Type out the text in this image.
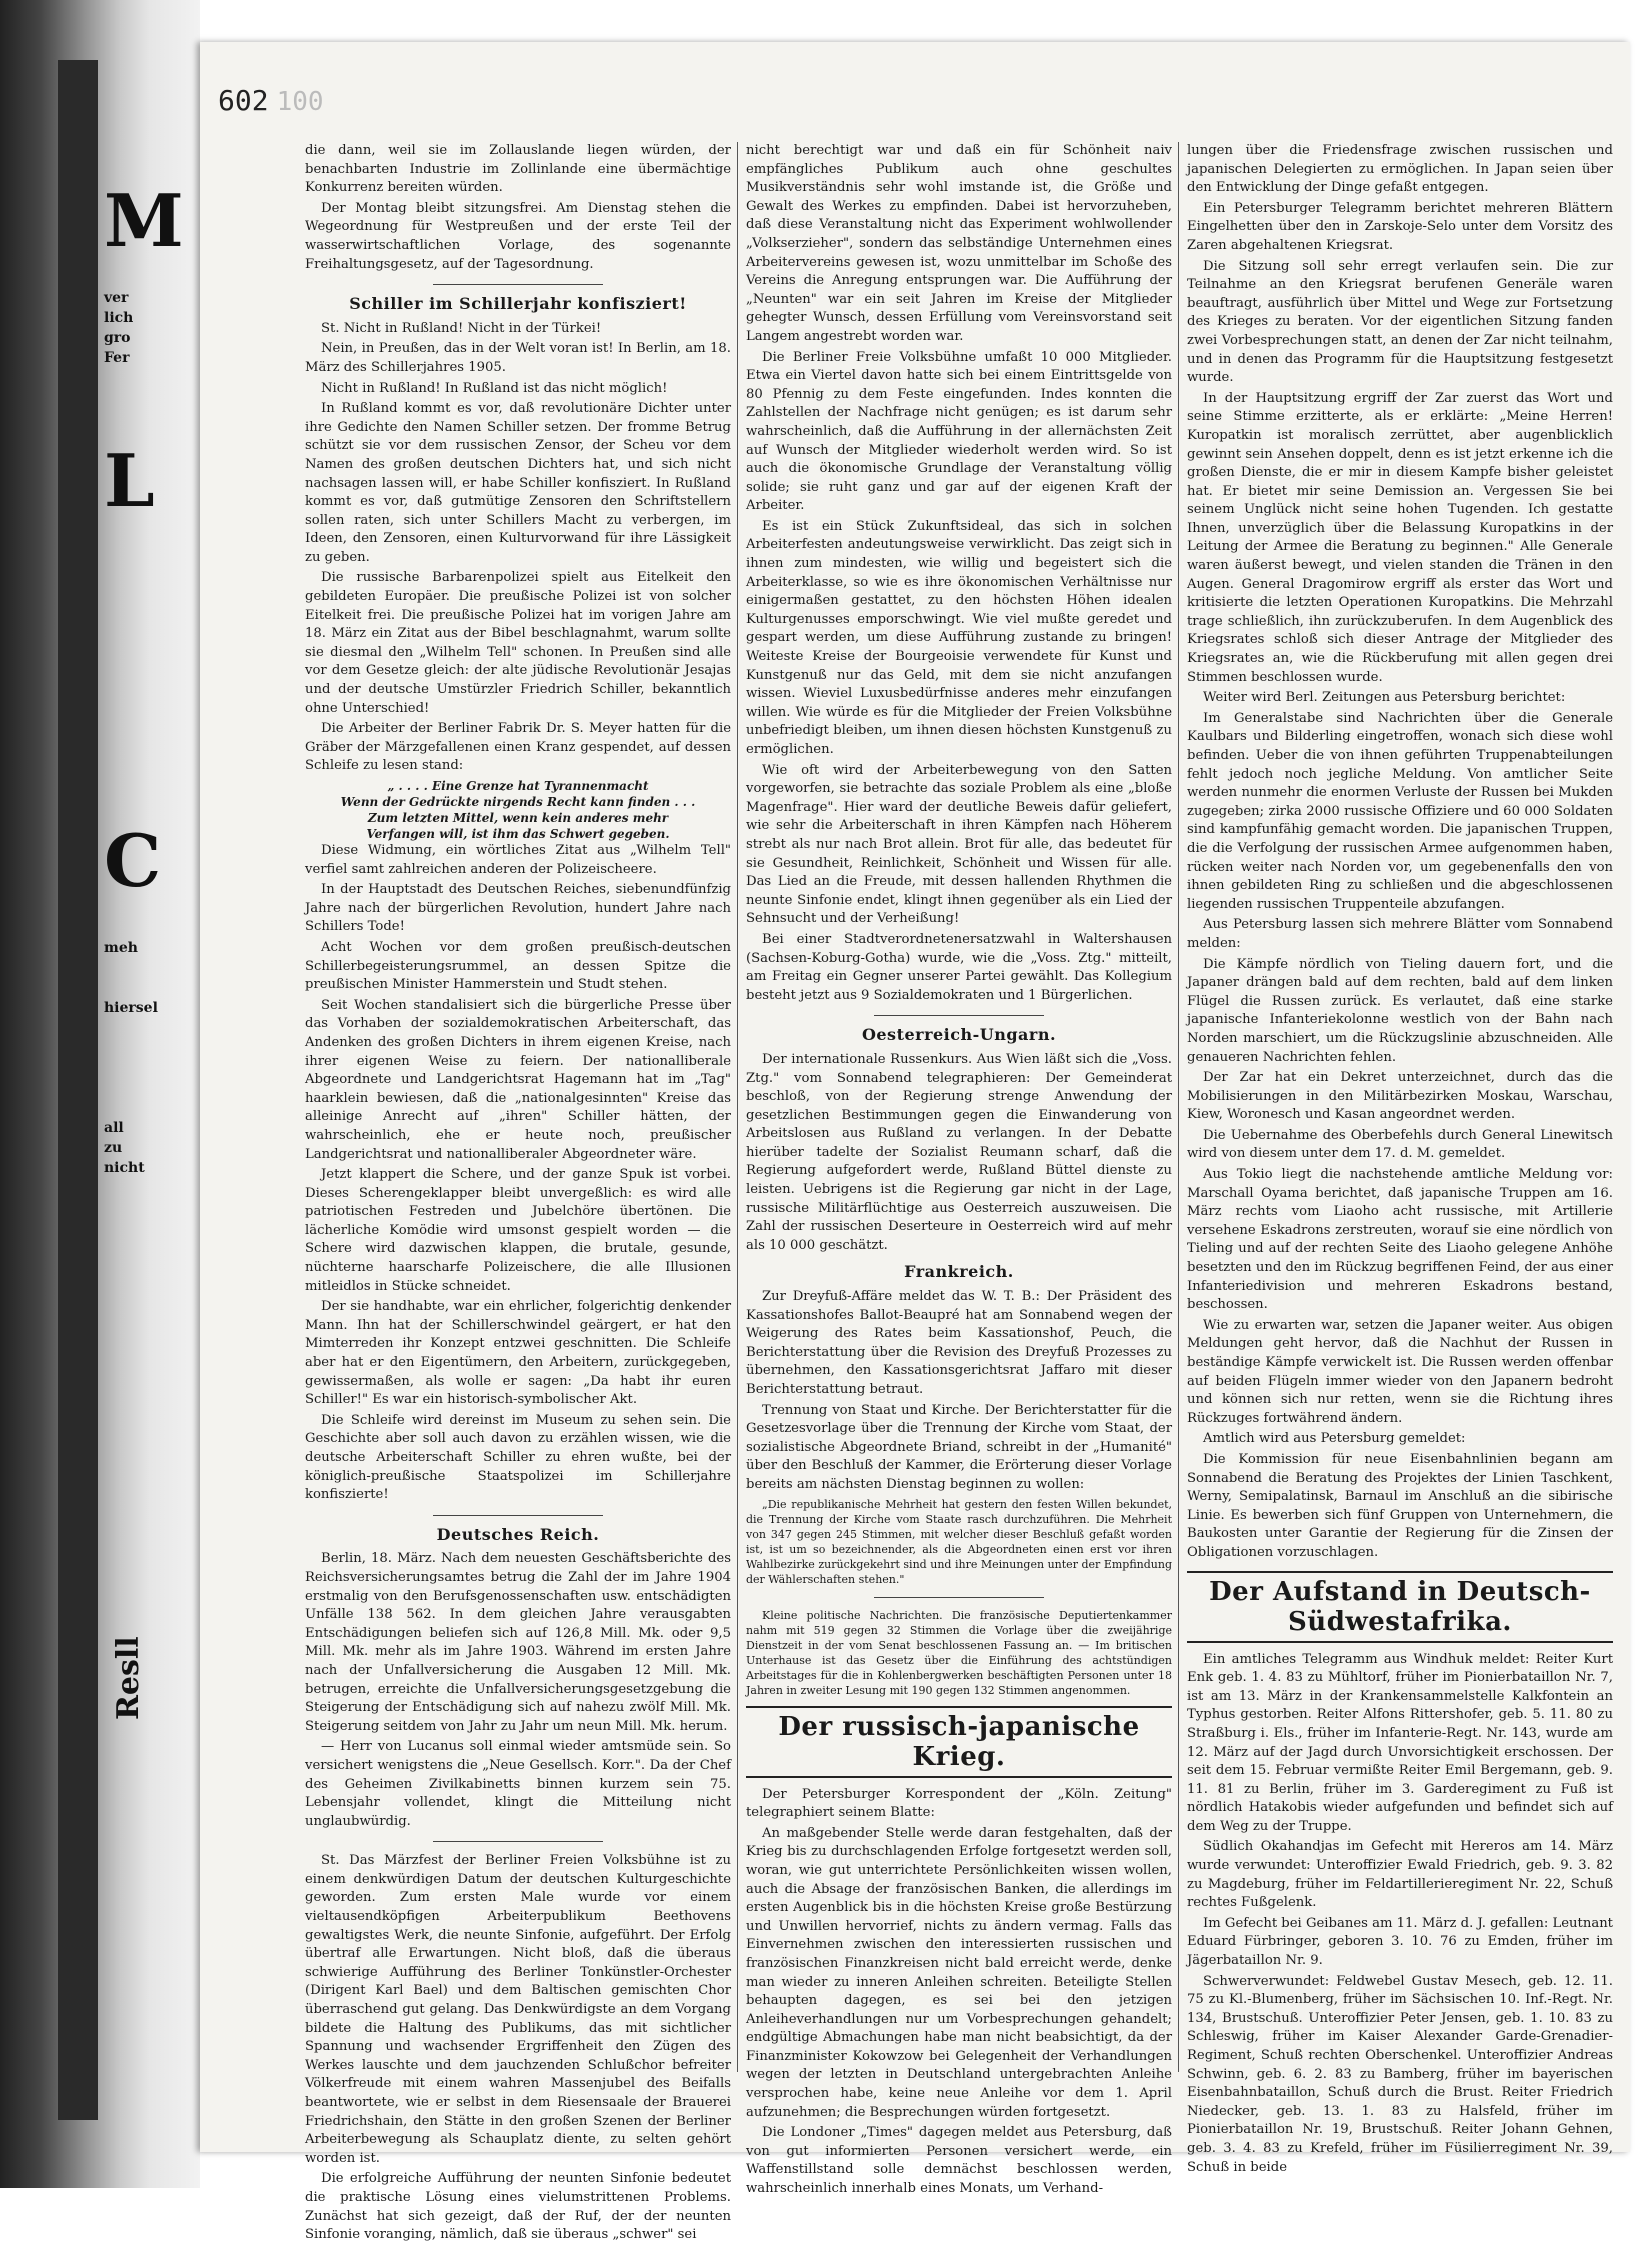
M
ver
lich
gro
Fer
L
C
meh
hiersel
all
zu
nicht
Resll
602 100

die dann, weil sie im Zollauslande liegen würden, der benachbarten Industrie im Zollinlande eine übermächtige Konkurrenz bereiten würden.

Der Montag bleibt sitzungsfrei. Am Dienstag stehen die Wegeordnung für Westpreußen und der erste Teil der wasserwirtschaftlichen Vorlage, des sogenannte Freihaltungsgesetz, auf der Tagesordnung.

Schiller im Schillerjahr konfisziert!

St. Nicht in Rußland! Nicht in der Türkei!

Nein, in Preußen, das in der Welt voran ist! In Berlin, am 18. März des Schillerjahres 1905.

Nicht in Rußland! In Rußland ist das nicht möglich!

In Rußland kommt es vor, daß revolutionäre Dichter unter ihre Gedichte den Namen Schiller setzen. Der fromme Betrug schützt sie vor dem russischen Zensor, der Scheu vor dem Namen des großen deutschen Dichters hat, und sich nicht nachsagen lassen will, er habe Schiller konfisziert. In Rußland kommt es vor, daß gutmütige Zensoren den Schriftstellern sollen raten, sich unter Schillers Macht zu verbergen, im Ideen, den Zensoren, einen Kulturvorwand für ihre Lässigkeit zu geben.

Die russische Barbarenpolizei spielt aus Eitelkeit den gebildeten Europäer. Die preußische Polizei ist von solcher Eitelkeit frei. Die preußische Polizei hat im vorigen Jahre am 18. März ein Zitat aus der Bibel beschlagnahmt, warum sollte sie diesmal den „Wilhelm Tell" schonen. In Preußen sind alle vor dem Gesetze gleich: der alte jüdische Revolutionär Jesajas und der deutsche Umstürzler Friedrich Schiller, bekanntlich ohne Unterschied!

Die Arbeiter der Berliner Fabrik Dr. S. Meyer hatten für die Gräber der Märzgefallenen einen Kranz gespendet, auf dessen Schleife zu lesen stand:

„ . . . . Eine Grenze hat Tyrannenmacht
Wenn der Gedrückte nirgends Recht kann finden . . .
Zum letzten Mittel, wenn kein anderes mehr
Verfangen will, ist ihm das Schwert gegeben.

Diese Widmung, ein wörtliches Zitat aus „Wilhelm Tell" verfiel samt zahlreichen anderen der Polizeischeere.

In der Hauptstadt des Deutschen Reiches, siebenundfünfzig Jahre nach der bürgerlichen Revolution, hundert Jahre nach Schillers Tode!

Acht Wochen vor dem großen preußisch-deutschen Schillerbegeisterungsrummel, an dessen Spitze die preußischen Minister Hammerstein und Studt stehen.

Seit Wochen standalisiert sich die bürgerliche Presse über das Vorhaben der sozialdemokratischen Arbeiterschaft, das Andenken des großen Dichters in ihrem eigenen Kreise, nach ihrer eigenen Weise zu feiern. Der nationalliberale Abgeordnete und Landgerichtsrat Hagemann hat im „Tag" haarklein bewiesen, daß die „nationalgesinnten" Kreise das alleinige Anrecht auf „ihren" Schiller hätten, der wahrscheinlich, ehe er heute noch, preußischer Landgerichtsrat und nationalliberaler Abgeordneter wäre.

Jetzt klappert die Schere, und der ganze Spuk ist vorbei. Dieses Scherengeklapper bleibt unvergeßlich: es wird alle patriotischen Festreden und Jubelchöre übertönen. Die lächerliche Komödie wird umsonst gespielt worden — die Schere wird dazwischen klappen, die brutale, gesunde, nüchterne haarscharfe Polizeischere, die alle Illusionen mitleidlos in Stücke schneidet.

Der sie handhabte, war ein ehrlicher, folgerichtig denkender Mann. Ihn hat der Schillerschwindel geärgert, er hat den Mimterreden ihr Konzept entzwei geschnitten. Die Schleife aber hat er den Eigentümern, den Arbeitern, zurückgegeben, gewissermaßen, als wolle er sagen: „Da habt ihr euren Schiller!" Es war ein historisch-symbolischer Akt.

Die Schleife wird dereinst im Museum zu sehen sein. Die Geschichte aber soll auch davon zu erzählen wissen, wie die deutsche Arbeiterschaft Schiller zu ehren wußte, bei der königlich-preußische Staatspolizei im Schillerjahre konfiszierte!

Deutsches Reich.

Berlin, 18. März. Nach dem neuesten Geschäftsberichte des Reichsversicherungsamtes betrug die Zahl der im Jahre 1904 erstmalig von den Berufsgenossenschaften usw. entschädigten Unfälle 138 562. In dem gleichen Jahre verausgabten Entschädigungen beliefen sich auf 126,8 Mill. Mk. oder 9,5 Mill. Mk. mehr als im Jahre 1903. Während im ersten Jahre nach der Unfallversicherung die Ausgaben 12 Mill. Mk. betrugen, erreichte die Unfallversicherungsgesetzgebung die Steigerung der Entschädigung sich auf nahezu zwölf Mill. Mk. Steigerung seitdem von Jahr zu Jahr um neun Mill. Mk. herum.

— Herr von Lucanus soll einmal wieder amtsmüde sein. So versichert wenigstens die „Neue Gesellsch. Korr.". Da der Chef des Geheimen Zivilkabinetts binnen kurzem sein 75. Lebensjahr vollendet, klingt die Mitteilung nicht unglaubwürdig.

St. Das Märzfest der Berliner Freien Volksbühne ist zu einem denkwürdigen Datum der deutschen Kulturgeschichte geworden. Zum ersten Male wurde vor einem vieltausendköpfigen Arbeiterpublikum Beethovens gewaltigstes Werk, die neunte Sinfonie, aufgeführt. Der Erfolg übertraf alle Erwartungen. Nicht bloß, daß die überaus schwierige Aufführung des Berliner Tonkünstler-Orchester (Dirigent Karl Bael) und dem Baltischen gemischten Chor überraschend gut gelang. Das Denkwürdigste an dem Vorgang bildete die Haltung des Publikums, das mit sichtlicher Spannung und wachsender Ergriffenheit den Zügen des Werkes lauschte und dem jauchzenden Schlußchor befreiter Völkerfreude mit einem wahren Massenjubel des Beifalls beantwortete, wie er selbst in dem Riesensaale der Brauerei Friedrichshain, den Stätte in den großen Szenen der Berliner Arbeiterbewegung als Schauplatz diente, zu selten gehört worden ist.

Die erfolgreiche Aufführung der neunten Sinfonie bedeutet die praktische Lösung eines vielumstrittenen Problems. Zunächst hat sich gezeigt, daß der Ruf, der der neunten Sinfonie voranging, nämlich, daß sie überaus „schwer" sei

nicht berechtigt war und daß ein für Schönheit naiv empfängliches Publikum auch ohne geschultes Musikverständnis sehr wohl imstande ist, die Größe und Gewalt des Werkes zu empfinden. Dabei ist hervorzuheben, daß diese Veranstaltung nicht das Experiment wohlwollender „Volkserzieher", sondern das selbständige Unternehmen eines Arbeitervereins gewesen ist, wozu unmittelbar im Schoße des Vereins die Anregung entsprungen war. Die Aufführung der „Neunten" war ein seit Jahren im Kreise der Mitglieder gehegter Wunsch, dessen Erfüllung vom Vereinsvorstand seit Langem angestrebt worden war.

Die Berliner Freie Volksbühne umfaßt 10 000 Mitglieder. Etwa ein Viertel davon hatte sich bei einem Eintrittsgelde von 80 Pfennig zu dem Feste eingefunden. Indes konnten die Zahlstellen der Nachfrage nicht genügen; es ist darum sehr wahrscheinlich, daß die Aufführung in der allernächsten Zeit auf Wunsch der Mitglieder wiederholt werden wird. So ist auch die ökonomische Grundlage der Veranstaltung völlig solide; sie ruht ganz und gar auf der eigenen Kraft der Arbeiter.

Es ist ein Stück Zukunftsideal, das sich in solchen Arbeiterfesten andeutungsweise verwirklicht. Das zeigt sich in ihnen zum mindesten, wie willig und begeistert sich die Arbeiterklasse, so wie es ihre ökonomischen Verhältnisse nur einigermaßen gestattet, zu den höchsten Höhen idealen Kulturgenusses emporschwingt. Wie viel mußte geredet und gespart werden, um diese Aufführung zustande zu bringen! Weiteste Kreise der Bourgeoisie verwendete für Kunst und Kunstgenuß nur das Geld, mit dem sie nicht anzufangen wissen. Wieviel Luxusbedürfnisse anderes mehr einzufangen willen. Wie würde es für die Mitglieder der Freien Volksbühne unbefriedigt bleiben, um ihnen diesen höchsten Kunstgenuß zu ermöglichen.

Wie oft wird der Arbeiterbewegung von den Satten vorgeworfen, sie betrachte das soziale Problem als eine „bloße Magenfrage". Hier ward der deutliche Beweis dafür geliefert, wie sehr die Arbeiterschaft in ihren Kämpfen nach Höherem strebt als nur nach Brot allein. Brot für alle, das bedeutet für sie Gesundheit, Reinlichkeit, Schönheit und Wissen für alle. Das Lied an die Freude, mit dessen hallenden Rhythmen die neunte Sinfonie endet, klingt ihnen gegenüber als ein Lied der Sehnsucht und der Verheißung!

Bei einer Stadtverordnetenersatzwahl in Waltershausen (Sachsen-Koburg-Gotha) wurde, wie die „Voss. Ztg." mitteilt, am Freitag ein Gegner unserer Partei gewählt. Das Kollegium besteht jetzt aus 9 Sozialdemokraten und 1 Bürgerlichen.

Oesterreich-Ungarn.

Der internationale Russenkurs. Aus Wien läßt sich die „Voss. Ztg." vom Sonnabend telegraphieren: Der Gemeinderat beschloß, von der Regierung strenge Anwendung der gesetzlichen Bestimmungen gegen die Einwanderung von Arbeitslosen aus Rußland zu verlangen. In der Debatte hierüber tadelte der Sozialist Reumann scharf, daß die Regierung aufgefordert werde, Rußland Büttel dienste zu leisten. Uebrigens ist die Regierung gar nicht in der Lage, russische Militärflüchtige aus Oesterreich auszuweisen. Die Zahl der russischen Deserteure in Oesterreich wird auf mehr als 10 000 geschätzt.

Frankreich.

Zur Dreyfuß-Affäre meldet das W. T. B.: Der Präsident des Kassationshofes Ballot-Beaupré hat am Sonnabend wegen der Weigerung des Rates beim Kassationshof, Peuch, die Berichterstattung über die Revision des Dreyfuß Prozesses zu übernehmen, den Kassationsgerichtsrat Jaffaro mit dieser Berichterstattung betraut.

Trennung von Staat und Kirche. Der Berichterstatter für die Gesetzesvorlage über die Trennung der Kirche vom Staat, der sozialistische Abgeordnete Briand, schreibt in der „Humanité" über den Beschluß der Kammer, die Erörterung dieser Vorlage bereits am nächsten Dienstag beginnen zu wollen:

„Die republikanische Mehrheit hat gestern den festen Willen bekundet, die Trennung der Kirche vom Staate rasch durchzuführen. Die Mehrheit von 347 gegen 245 Stimmen, mit welcher dieser Beschluß gefaßt worden ist, ist um so bezeichnender, als die Abgeordneten einen erst vor ihren Wahlbezirke zurückgekehrt sind und ihre Meinungen unter der Empfindung der Wählerschaften stehen."

Kleine politische Nachrichten. Die französische Deputiertenkammer nahm mit 519 gegen 32 Stimmen die Vorlage über die zweijährige Dienstzeit in der vom Senat beschlossenen Fassung an. — Im britischen Unterhause ist das Gesetz über die Einführung des achtstündigen Arbeitstages für die in Kohlenbergwerken beschäftigten Personen unter 18 Jahren in zweiter Lesung mit 190 gegen 132 Stimmen angenommen.

Der russisch-japanische Krieg.

Der Petersburger Korrespondent der „Köln. Zeitung" telegraphiert seinem Blatte:

An maßgebender Stelle werde daran festgehalten, daß der Krieg bis zu durchschlagenden Erfolge fortgesetzt werden soll, woran, wie gut unterrichtete Persönlichkeiten wissen wollen, auch die Absage der französischen Banken, die allerdings im ersten Augenblick bis in die höchsten Kreise große Bestürzung und Unwillen hervorrief, nichts zu ändern vermag. Falls das Einvernehmen zwischen den interessierten russischen und französischen Finanzkreisen nicht bald erreicht werde, denke man wieder zu inneren Anleihen schreiten. Beteiligte Stellen behaupten dagegen, es sei bei den jetzigen Anleiheverhandlungen nur um Vorbesprechungen gehandelt; endgültige Abmachungen habe man nicht beabsichtigt, da der Finanzminister Kokowzow bei Gelegenheit der Verhandlungen wegen der letzten in Deutschland untergebrachten Anleihe versprochen habe, keine neue Anleihe vor dem 1. April aufzunehmen; die Besprechungen würden fortgesetzt.

Die Londoner „Times" dagegen meldet aus Petersburg, daß von gut informierten Personen versichert werde, ein Waffenstillstand solle demnächst beschlossen werden, wahrscheinlich innerhalb eines Monats, um Verhand-

lungen über die Friedensfrage zwischen russischen und japanischen Delegierten zu ermöglichen. In Japan seien über den Entwicklung der Dinge gefaßt entgegen.

Ein Petersburger Telegramm berichtet mehreren Blättern Eingelhetten über den in Zarskoje-Selo unter dem Vorsitz des Zaren abgehaltenen Kriegsrat.

Die Sitzung soll sehr erregt verlaufen sein. Die zur Teilnahme an den Kriegsrat berufenen Generäle waren beauftragt, ausführlich über Mittel und Wege zur Fortsetzung des Krieges zu beraten. Vor der eigentlichen Sitzung fanden zwei Vorbesprechungen statt, an denen der Zar nicht teilnahm, und in denen das Programm für die Hauptsitzung festgesetzt wurde.

In der Hauptsitzung ergriff der Zar zuerst das Wort und seine Stimme erzitterte, als er erklärte: „Meine Herren! Kuropatkin ist moralisch zerrüttet, aber augenblicklich gewinnt sein Ansehen doppelt, denn es ist jetzt erkenne ich die großen Dienste, die er mir in diesem Kampfe bisher geleistet hat. Er bietet mir seine Demission an. Vergessen Sie bei seinem Unglück nicht seine hohen Tugenden. Ich gestatte Ihnen, unverzüglich über die Belassung Kuropatkins in der Leitung der Armee die Beratung zu beginnen." Alle Generale waren äußerst bewegt, und vielen standen die Tränen in den Augen. General Dragomirow ergriff als erster das Wort und kritisierte die letzten Operationen Kuropatkins. Die Mehrzahl trage schließlich, ihn zurückzuberufen. In dem Augenblick des Kriegsrates schloß sich dieser Antrage der Mitglieder des Kriegsrates an, wie die Rückberufung mit allen gegen drei Stimmen beschlossen wurde.

Weiter wird Berl. Zeitungen aus Petersburg berichtet:

Im Generalstabe sind Nachrichten über die Generale Kaulbars und Bilderling eingetroffen, wonach sich diese wohl befinden. Ueber die von ihnen geführten Truppenabteilungen fehlt jedoch noch jegliche Meldung. Von amtlicher Seite werden nunmehr die enormen Verluste der Russen bei Mukden zugegeben; zirka 2000 russische Offiziere und 60 000 Soldaten sind kampfunfähig gemacht worden. Die japanischen Truppen, die die Verfolgung der russischen Armee aufgenommen haben, rücken weiter nach Norden vor, um gegebenenfalls den von ihnen gebildeten Ring zu schließen und die abgeschlossenen liegenden russischen Truppenteile abzufangen.

Aus Petersburg lassen sich mehrere Blätter vom Sonnabend melden:

Die Kämpfe nördlich von Tieling dauern fort, und die Japaner drängen bald auf dem rechten, bald auf dem linken Flügel die Russen zurück. Es verlautet, daß eine starke japanische Infanteriekolonne westlich von der Bahn nach Norden marschiert, um die Rückzugslinie abzuschneiden. Alle genaueren Nachrichten fehlen.

Der Zar hat ein Dekret unterzeichnet, durch das die Mobilisierungen in den Militärbezirken Moskau, Warschau, Kiew, Woronesch und Kasan angeordnet werden.

Die Uebernahme des Oberbefehls durch General Linewitsch wird von diesem unter dem 17. d. M. gemeldet.

Aus Tokio liegt die nachstehende amtliche Meldung vor: Marschall Oyama berichtet, daß japanische Truppen am 16. März rechts vom Liaoho acht russische, mit Artillerie versehene Eskadrons zerstreuten, worauf sie eine nördlich von Tieling und auf der rechten Seite des Liaoho gelegene Anhöhe besetzten und den im Rückzug begriffenen Feind, der aus einer Infanteriedivision und mehreren Eskadrons bestand, beschossen.

Wie zu erwarten war, setzen die Japaner weiter. Aus obigen Meldungen geht hervor, daß die Nachhut der Russen in beständige Kämpfe verwickelt ist. Die Russen werden offenbar auf beiden Flügeln immer wieder von den Japanern bedroht und können sich nur retten, wenn sie die Richtung ihres Rückzuges fortwährend ändern.

Amtlich wird aus Petersburg gemeldet:

Die Kommission für neue Eisenbahnlinien begann am Sonnabend die Beratung des Projektes der Linien Taschkent, Werny, Semipalatinsk, Barnaul im Anschluß an die sibirische Linie. Es bewerben sich fünf Gruppen von Unternehmern, die Baukosten unter Garantie der Regierung für die Zinsen der Obligationen vorzuschlagen.

Der Aufstand in Deutsch-Südwestafrika.

Ein amtliches Telegramm aus Windhuk meldet: Reiter Kurt Enk geb. 1. 4. 83 zu Mühltorf, früher im Pionierbataillon Nr. 7, ist am 13. März in der Krankensammelstelle Kalkfontein an Typhus gestorben. Reiter Alfons Rittershofer, geb. 5. 11. 80 zu Straßburg i. Els., früher im Infanterie-Regt. Nr. 143, wurde am 12. März auf der Jagd durch Unvorsichtigkeit erschossen. Der seit dem 15. Februar vermißte Reiter Emil Bergemann, geb. 9. 11. 81 zu Berlin, früher im 3. Garderegiment zu Fuß ist nördlich Hatakobis wieder aufgefunden und befindet sich auf dem Weg zu der Truppe.

Südlich Okahandjas im Gefecht mit Hereros am 14. März wurde verwundet: Unteroffizier Ewald Friedrich, geb. 9. 3. 82 zu Magdeburg, früher im Feldartillerieregiment Nr. 22, Schuß rechtes Fußgelenk.

Im Gefecht bei Geibanes am 11. März d. J. gefallen: Leutnant Eduard Fürbringer, geboren 3. 10. 76 zu Emden, früher im Jägerbataillon Nr. 9.

Schwerverwundet: Feldwebel Gustav Mesech, geb. 12. 11. 75 zu Kl.-Blumenberg, früher im Sächsischen 10. Inf.-Regt. Nr. 134, Brustschuß. Unteroffizier Peter Jensen, geb. 1. 10. 83 zu Schleswig, früher im Kaiser Alexander Garde-Grenadier-Regiment, Schuß rechten Oberschenkel. Unteroffizier Andreas Schwinn, geb. 6. 2. 83 zu Bamberg, früher im bayerischen Eisenbahnbataillon, Schuß durch die Brust. Reiter Friedrich Niedecker, geb. 13. 1. 83 zu Halsfeld, früher im Pionierbataillon Nr. 19, Brustschuß. Reiter Johann Gehnen, geb. 3. 4. 83 zu Krefeld, früher im Füsilierregiment Nr. 39, Schuß in beide
